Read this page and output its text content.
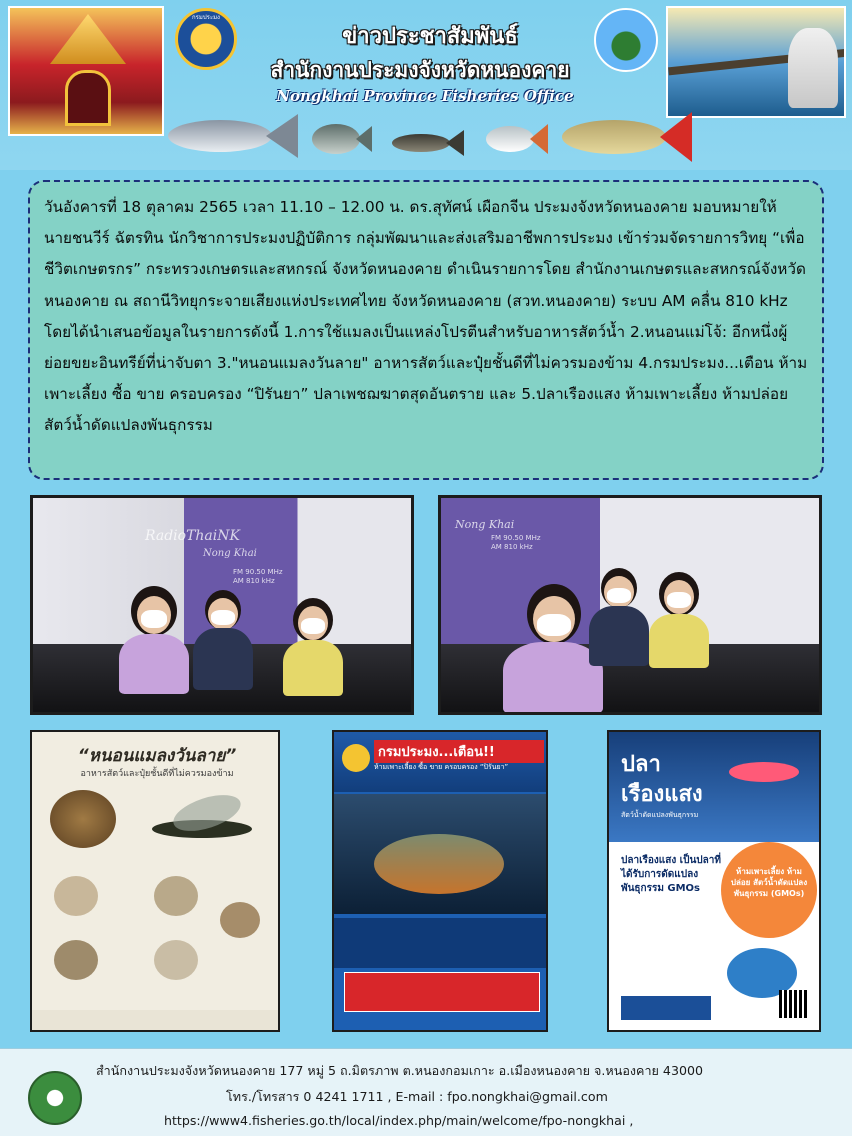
กรมประมง
ข่าวประชาสัมพันธ์
สำนักงานประมงจังหวัดหนองคาย
Nongkhai Province Fisheries Office

วันอังคารที่ 18 ตุลาคม 2565 เวลา 11.10 – 12.00 น. ดร.สุทัศน์ เผือกจีน ประมงจังหวัดหนองคาย มอบหมายให้ นายชนวีร์ ฉัตรทิน นักวิชาการประมงปฏิบัติการ กลุ่มพัฒนาและส่งเสริมอาชีพการประมง เข้าร่วมจัดรายการวิทยุ “เพื่อชีวิตเกษตรกร” กระทรวงเกษตรและสหกรณ์ จังหวัดหนองคาย ดำเนินรายการโดย สำนักงานเกษตรและสหกรณ์จังหวัดหนองคาย ณ สถานีวิทยุกระจายเสียงแห่งประเทศไทย จังหวัดหนองคาย (สวท.หนองคาย) ระบบ AM คลื่น 810 kHz โดยได้นำเสนอข้อมูลในรายการดังนี้ 1.การใช้แมลงเป็นแหล่งโปรตีนสำหรับอาหารสัตว์น้ำ 2.หนอนแม่โจ้: อีกหนึ่งผู้ย่อยขยะอินทรีย์ที่น่าจับตา 3."หนอนแมลงวันลาย" อาหารสัตว์และปุ๋ยชั้นดีที่ไม่ควรมองข้าม 4.กรมประมง...เตือน ห้ามเพาะเลี้ยง ซื้อ ขาย ครอบครอง “ปิรันยา” ปลาเพชฌฆาตสุดอันตราย และ 5.ปลาเรืองแสง ห้ามเพาะเลี้ยง ห้ามปล่อย สัตว์น้ำดัดแปลงพันธุกรรม

RadioThaiNK
Nong Khai
FM 90.50 MHz
AM 810 kHz
Nong Khai
FM 90.50 MHz
AM 810 kHz
“หนอนแมลงวันลาย”
อาหารสัตว์และปุ๋ยชั้นดีที่ไม่ควรมองข้าม
กรมประมง...เตือน!!
ห้ามเพาะเลี้ยง ซื้อ ขาย ครอบครอง “ปิรันยา”	ปลา
เรืองแสง
สัตว์น้ำดัดแปลงพันธุกรรม
ปลาเรืองแสง เป็นปลาที่ได้รับการดัดแปลงพันธุกรรม GMOs
ห้ามเพาะเลี้ยง ห้ามปล่อย สัตว์น้ำดัดแปลงพันธุกรรม (GMOs)
สำนักงานประมงจังหวัดหนองคาย 177 หมู่ 5 ถ.มิตรภาพ ต.หนองกอมเกาะ อ.เมืองหนองคาย จ.หนองคาย 43000
โทร./โทรสาร 0 4241 1711 , E-mail : fpo.nongkhai@gmail.com
https://www4.fisheries.go.th/local/index.php/main/welcome/fpo-nongkhai ,
